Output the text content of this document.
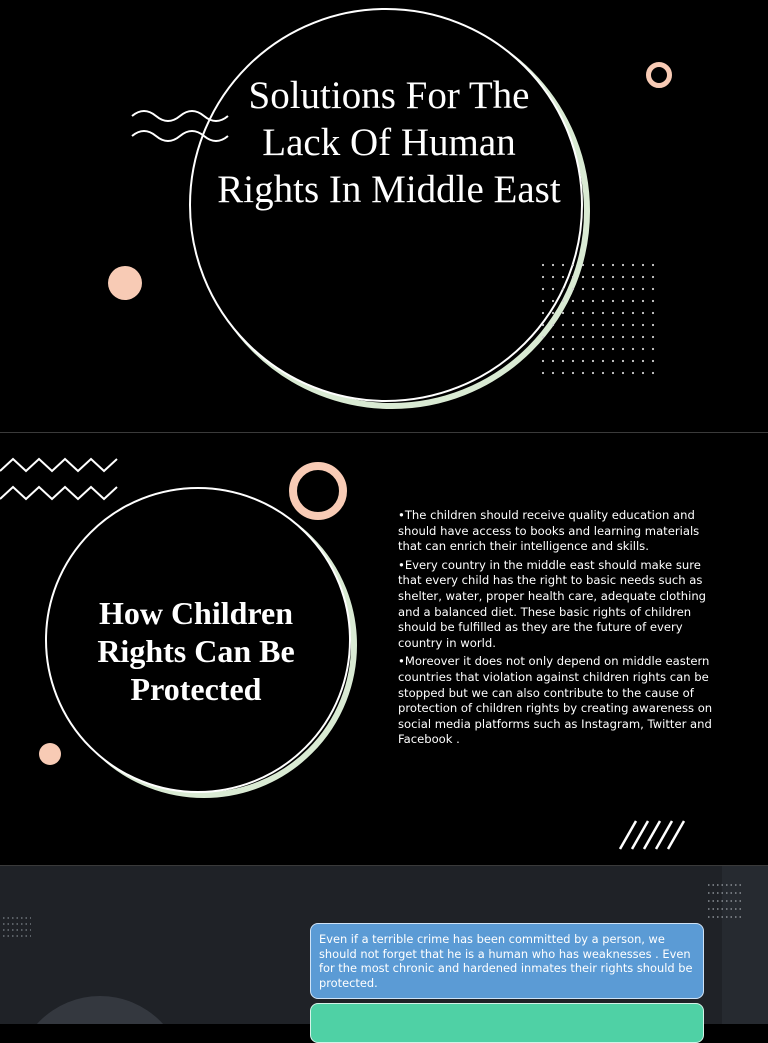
Solutions For The Lack Of Human Rights In Middle East
How Children Rights Can Be Protected

•The children should receive quality education and should have access to books and learning materials that can enrich their intelligence and skills.

•Every country in the middle east should make sure that every child has the right to basic needs such as shelter, water, proper health care, adequate clothing and a balanced diet. These basic rights of children should be fulfilled as they are the future of every country in world.

•Moreover it does not only depend on middle eastern countries that violation against children rights can be stopped but we can also contribute to the cause of protection of children rights by creating awareness on social media platforms such as Instagram, Twitter and Facebook .

Even if a terrible crime has been committed by a person, we should not forget that he is a human who has weaknesses . Even for the most chronic and hardened inmates their rights should be protected.
